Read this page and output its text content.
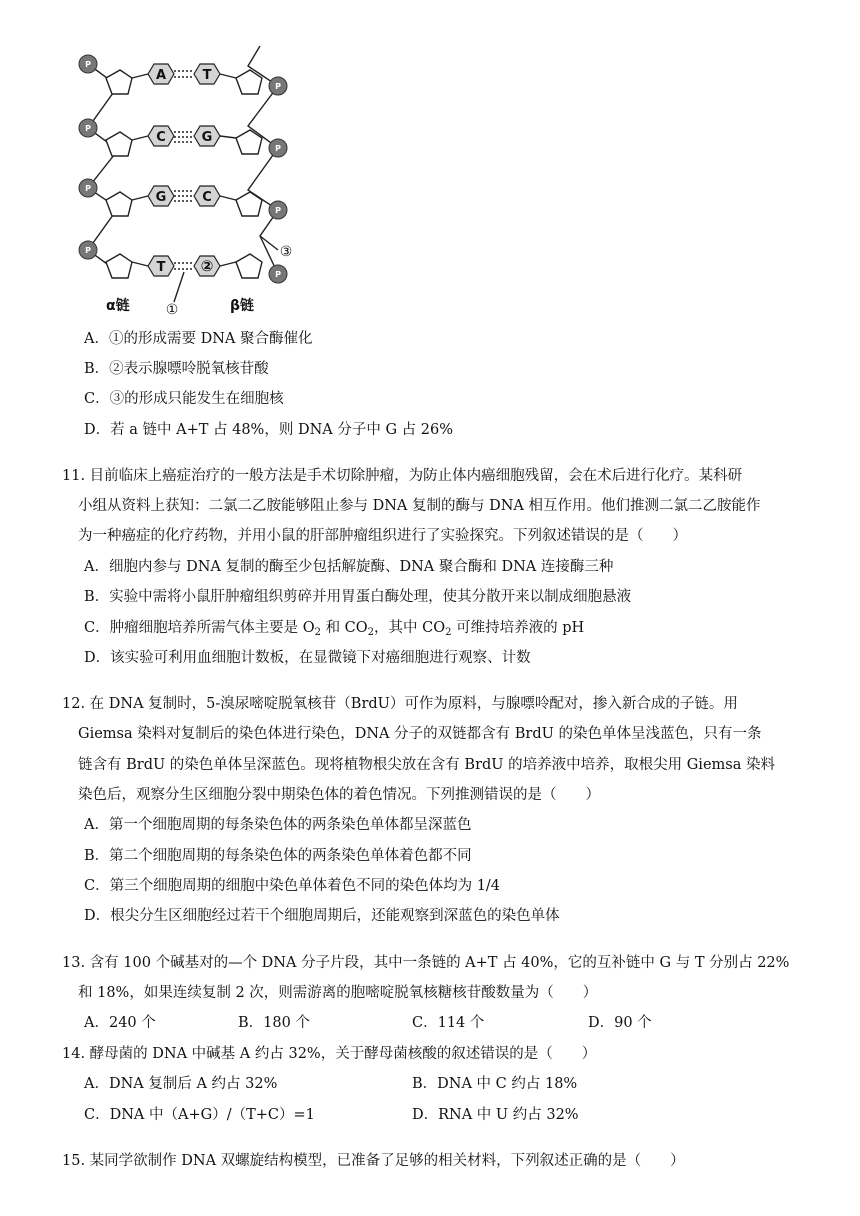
A
C
G
T
T
G
C
②
P
P
P
P
P
P
P
P
③
①
α链	β链
A．①的形成需要 DNA 聚合酶催化
B．②表示腺嘌呤脱氧核苷酸
C．③的形成只能发生在细胞核
D．若 a 链中 A+T 占 48%，则 DNA 分子中 G 占 26%
11. 目前临床上癌症治疗的一般方法是手术切除肿瘤，为防止体内癌细胞残留，会在术后进行化疗。某科研
小组从资料上获知：二氯二乙胺能够阻止参与 DNA 复制的酶与 DNA 相互作用。他们推测二氯二乙胺能作
为一种癌症的化疗药物，并用小鼠的肝部肿瘤组织进行了实验探究。下列叙述错误的是（　　）
A．细胞内参与 DNA 复制的酶至少包括解旋酶、DNA 聚合酶和 DNA 连接酶三种
B．实验中需将小鼠肝肿瘤组织剪碎并用胃蛋白酶处理，使其分散开来以制成细胞悬液
C．肿瘤细胞培养所需气体主要是 $O_2$ 和 $CO_2$，其中 $CO_2$ 可维持培养液的 pH
D．该实验可利用血细胞计数板，在显微镜下对癌细胞进行观察、计数
12. 在 DNA 复制时，5-溴尿嘧啶脱氧核苷（BrdU）可作为原料，与腺嘌呤配对，掺入新合成的子链。用
Giemsa 染料对复制后的染色体进行染色，DNA 分子的双链都含有 BrdU 的染色单体呈浅蓝色，只有一条
链含有 BrdU 的染色单体呈深蓝色。现将植物根尖放在含有 BrdU 的培养液中培养，取根尖用 Giemsa 染料
染色后，观察分生区细胞分裂中期染色体的着色情况。下列推测错误的是（　　）
A．第一个细胞周期的每条染色体的两条染色单体都呈深蓝色
B．第二个细胞周期的每条染色体的两条染色单体着色都不同
C．第三个细胞周期的细胞中染色单体着色不同的染色体均为 1/4
D．根尖分生区细胞经过若干个细胞周期后，还能观察到深蓝色的染色单体
13. 含有 100 个碱基对的—个 DNA 分子片段，其中一条链的 A+T 占 40%，它的互补链中 G 与 T 分别占 22%
和 18%，如果连续复制 2 次，则需游离的胞嘧啶脱氧核糖核苷酸数量为（　　）
A．240 个	B．180 个	C．114 个	D．90 个
14. 酵母菌的 DNA 中碱基 A 约占 32%，关于酵母菌核酸的叙述错误的是（　　）
A．DNA 复制后 A 约占 32%	B．DNA 中 C 约占 18%
C．DNA 中（A+G）/（T+C）=1	D．RNA 中 U 约占 32%
15. 某同学欲制作 DNA 双螺旋结构模型，已准备了足够的相关材料，下列叙述正确的是（　　）
